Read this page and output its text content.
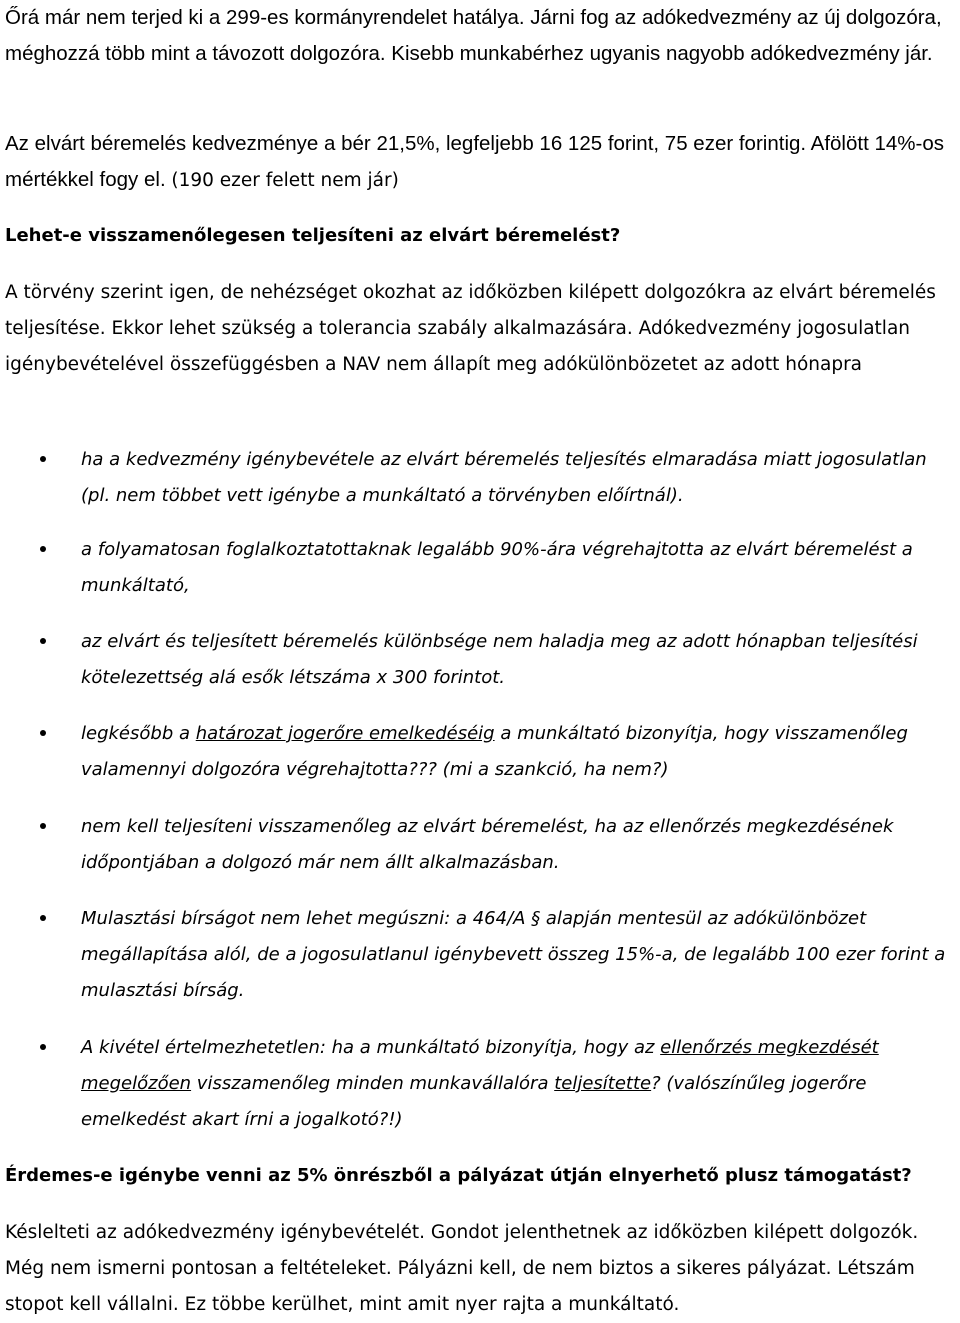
Őrá már nem terjed ki a 299-es kormányrendelet hatálya. Járni fog az adókedvezmény az új dolgozóra, méghozzá több mint a távozott dolgozóra. Kisebb munkabérhez ugyanis nagyobb adókedvezmény jár.

Az elvárt béremelés kedvezménye a bér 21,5%, legfeljebb 16 125 forint, 75 ezer forintig. Afölött 14%-os mértékkel fogy el. (190 ezer felett nem jár)

Lehet-e visszamenőlegesen teljesíteni az elvárt béremelést?

A törvény szerint igen, de nehézséget okozhat az időközben kilépett dolgozókra az elvárt béremelés teljesítése. Ekkor lehet szükség a tolerancia szabály alkalmazására. Adókedvezmény jogosulatlan igénybevételével összefüggésben a NAV nem állapít meg adókülönbözetet az adott hónapra

ha a kedvezmény igénybevétele az elvárt béremelés teljesítés elmaradása miatt jogosulatlan (pl. nem többet vett igénybe a munkáltató a törvényben előírtnál).

a folyamatosan foglalkoztatottaknak legalább 90%-ára végrehajtotta az elvárt béremelést a munkáltató,

az elvárt és teljesített béremelés különbsége nem haladja meg az adott hónapban teljesítési kötelezettség alá esők létszáma x 300 forintot.

legkésőbb a határozat jogerőre emelkedéséig a munkáltató bizonyítja, hogy visszamenőleg valamennyi dolgozóra végrehajtotta??? (mi a szankció, ha nem?)

nem kell teljesíteni visszamenőleg az elvárt béremelést, ha az ellenőrzés megkezdésének időpontjában a dolgozó már nem állt alkalmazásban.

Mulasztási bírságot nem lehet megúszni: a 464/A § alapján mentesül az adókülönbözet megállapítása alól, de a jogosulatlanul igénybevett összeg 15%-a, de legalább 100 ezer forint a mulasztási bírság.

A kivétel értelmezhetetlen: ha a munkáltató bizonyítja, hogy az ellenőrzés megkezdését megelőzően visszamenőleg minden munkavállalóra teljesítette? (valószínűleg jogerőre emelkedést akart írni a jogalkotó?!)

Érdemes-e igénybe venni az 5% önrészből a pályázat útján elnyerhető plusz támogatást?

Késlelteti az adókedvezmény igénybevételét. Gondot jelenthetnek az időközben kilépett dolgozók. Még nem ismerni pontosan a feltételeket. Pályázni kell, de nem biztos a sikeres pályázat. Létszám stopot kell vállalni. Ez többe kerülhet, mint amit nyer rajta a munkáltató.
